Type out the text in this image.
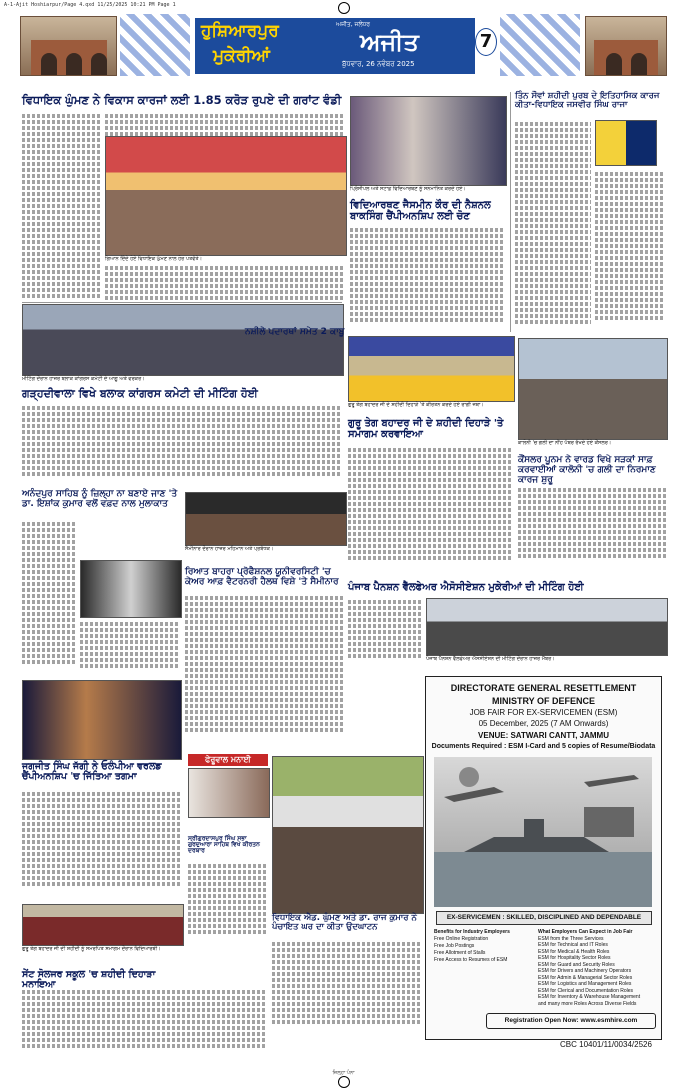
A-1-Ajit Hoshiarpur/Page 4.qxd 11/25/2025 10:21 PM Page 1
ਹੁਸ਼ਿਆਰਪੁਰ
ਮੁਕੇਰੀਆਂ
ਅਜੀਤ, ਜਲੰਧਰ
ਅਜੀਤ
ਬੁੱਧਵਾਰ, 26 ਨਵੰਬਰ 2025
7
ਵਿਧਾਇਕ ਘੁੰਮਣ ਨੇ ਵਿਕਾਸ ਕਾਰਜਾਂ ਲਈ 1.85 ਕਰੋੜ ਰੁਪਏ ਦੀ ਗਰਾਂਟ ਵੰਡੀ
ਗਿਆਨ ਦਿੰਦੇ ਹੋਏ ਵਿਧਾਇਕ ਘੁੰਮਣ ਨਾਲ ਹੋਰ ਪਤਵੰਤੇ।
ਪ੍ਰਿੰਸੀਪਲ ਅਤੇ ਸਟਾਫ਼ ਵਿਦਿਆਰਥਣ ਨੂੰ ਸਨਮਾਨਿਤ ਕਰਦੇ ਹੋਏ।
ਵਿਦਿਆਰਥਣ ਜੈਸਮੀਨ ਕੌਰ ਦੀ ਨੈਸ਼ਨਲ ਬਾਕਸਿੰਗ ਚੈਂਪੀਅਨਸ਼ਿਪ ਲਈ ਚੋਣ
ਤਿੰਨ ਸੌਵਾਂ ਸ਼ਹੀਦੀ ਪੁਰਬ ਦੇ ਇਤਿਹਾਸਿਕ ਕਾਰਜ ਕੀਤਾ-ਵਿਧਾਇਕ ਜਸਵੀਰ ਸਿੰਘ ਰਾਜਾ
ਮੀਟਿੰਗ ਦੌਰਾਨ ਹਾਜ਼ਰ ਬਲਾਕ ਕਾਂਗਰਸ ਕਮੇਟੀ ਦੇ ਆਗੂ ਅਤੇ ਵਰਕਰ।
ਗੜ੍ਹਦੀਵਾਲਾ ਵਿਖੇ ਬਲਾਕ ਕਾਂਗਰਸ ਕਮੇਟੀ ਦੀ ਮੀਟਿੰਗ ਹੋਈ
ਨਸ਼ੀਲੇ ਪਦਾਰਥਾਂ ਸਮੇਤ 2 ਕਾਬੂ
ਗੁਰੂ ਤੇਗ ਬਹਾਦਰ ਜੀ ਦੇ ਸ਼ਹੀਦੀ ਦਿਹਾੜੇ 'ਤੇ ਕੀਰਤਨ ਕਰਦੇ ਹੋਏ ਰਾਗੀ ਜਥਾ।
ਗੁਰੂ ਤੇਗ ਬਹਾਦਰ ਜੀ ਦੇ ਸ਼ਹੀਦੀ ਦਿਹਾੜੇ 'ਤੇ ਸਮਾਗਮ ਕਰਵਾਇਆ
ਕਾਲੋਨੀ 'ਚ ਗਲੀ ਦਾ ਨੀਂਹ ਪੱਥਰ ਰੱਖਦੇ ਹੋਏ ਕੌਂਸਲਰ।
ਕੌਂਸਲਰ ਪੂਨਮ ਨੇ ਵਾਰਡ ਵਿਖੇ ਸੜਕਾਂ ਸਾਫ਼ ਕਰਵਾਈਆਂ ਕਾਲੋਨੀ 'ਚ ਗਲੀ ਦਾ ਨਿਰਮਾਣ ਕਾਰਜ ਸ਼ੁਰੂ
ਅਨੰਦਪੁਰ ਸਾਹਿਬ ਨੂੰ ਜ਼ਿਲ੍ਹਾ ਨਾ ਬਣਾਏ ਜਾਣ 'ਤੇ ਡਾ. ਇਸ਼ਾਂਕ ਕੁਮਾਰ ਵਲੋਂ ਵਫ਼ਦ ਨਾਲ ਮੁਲਾਕਾਤ
ਸੈਮੀਨਾਰ ਦੌਰਾਨ ਹਾਜ਼ਰ ਮਹਿਮਾਨ ਅਤੇ ਪ੍ਰਬੰਧਕ।
ਰਿਆਤ ਬਾਹਰਾ ਪ੍ਰੋਫੈਸ਼ਨਲ ਯੂਨੀਵਰਸਿਟੀ 'ਚ ਕੇਅਰ ਆਫ਼ ਵੈਟਰਨਰੀ ਹੈਲਥ ਵਿਸ਼ੇ 'ਤੇ ਸੈਮੀਨਾਰ
ਪੰਜਾਬ ਪੈਨਸ਼ਨ ਵੈੱਲਫੇਅਰ ਐਸੋਸੀਏਸ਼ਨ ਮੁਕੇਰੀਆਂ ਦੀ ਮੀਟਿੰਗ ਹੋਈ
ਪੰਜਾਬ ਪੈਨਸ਼ਨ ਵੈੱਲਫੇਅਰ ਐਸੋਸੀਏਸ਼ਨ ਦੀ ਮੀਟਿੰਗ ਦੌਰਾਨ ਹਾਜ਼ਰ ਮੈਂਬਰ।
ਜਗਜੀਤ ਸਿੰਘ ਜੱਗੀ ਨੇ ਓਲੰਪੀਆ ਵਰਲਡ ਚੈਂਪੀਅਨਸ਼ਿਪ 'ਚ ਜਿੱਤਿਆ ਤਗਮਾ
ਫੇਰੂਵਾਲ ਮਨਾਈ
ਸ੍ਰੀਗੁਰਦਾਸਪੁਰ ਸਿੰਘ ਸਭਾ ਗੁਰਦੁਆਰਾ ਸਾਹਿਬ ਵਿਖੇ ਕੀਰਤਨ ਦਰਬਾਰ
ਵਿਧਾਇਕ ਐਡ. ਘੁੰਮਣ ਅਤੇ ਡਾ. ਰਾਜ ਕੁਮਾਰ ਨੇ ਪੰਚਾਇਤ ਘਰ ਦਾ ਕੀਤਾ ਉਦਘਾਟਨ
ਗੁਰੂ ਤੇਗ ਬਹਾਦਰ ਜੀ ਦੀ ਸ਼ਹੀਦੀ ਨੂੰ ਸਮਰਪਿਤ ਸਮਾਗਮ ਦੌਰਾਨ ਵਿਦਿਆਰਥੀ।
ਸੇਂਟ ਸੋਲਜਰ ਸਕੂਲ 'ਚ ਸ਼ਹੀਦੀ ਦਿਹਾੜਾ ਮਨਾਇਆ
DIRECTORATE GENERAL RESETTLEMENT
MINISTRY OF DEFENCE
JOB FAIR FOR EX-SERVICEMEN (ESM)
05 December, 2025 (7 AM Onwards)
VENUE: SATWARI CANTT, JAMMU
Documents Required : ESM I-Card and 5 copies of Resume/Biodata
EX-SERVICEMEN : SKILLED, DISCIPLINED AND DEPENDABLE
Benefits for Industry Employers
Free Online Registration
Free Job Postings
Free Allotment of Stalls
Free Access to Resumes of ESM
What Employers Can Expect in Job Fair
ESM from the Three Services
ESM for Technical and IT Roles
ESM for Medical & Health Roles
ESM for Hospitality Sector Roles
ESM for Guard and Security Roles
ESM for Drivers and Machinery Operators
ESM for Admin & Managerial Sector Roles
ESM for Logistics and Management Roles
ESM for Clerical and Documentation Roles
ESM for Inventory & Warehouse Management
and many more Roles Across Diverse Fields
Registration Open Now: www.esmhire.com
CBC 10401/11/0034/2526
ਜ਼ਿਲ੍ਹਾ ਪੰਨਾ
